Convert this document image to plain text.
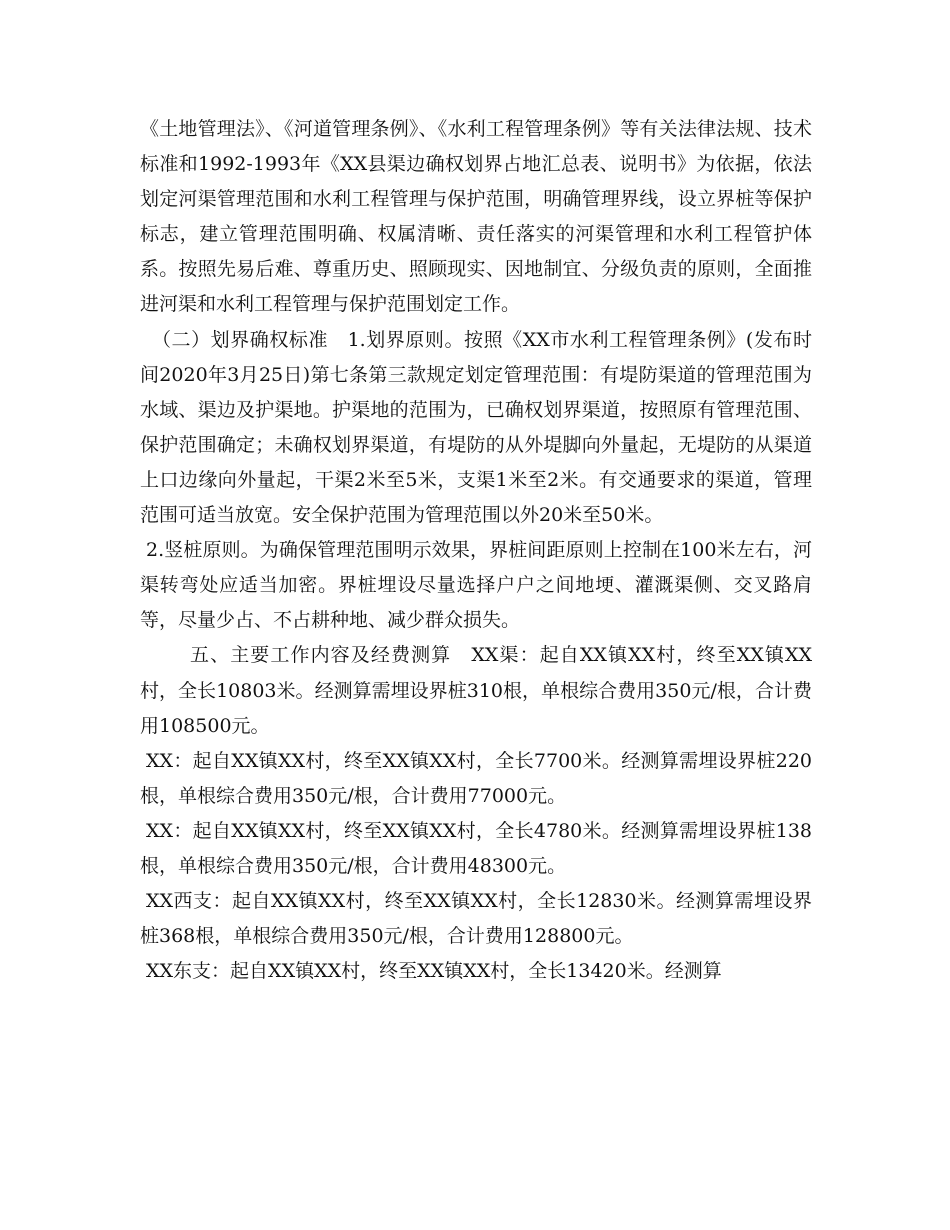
《土地管理法》、《河道管理条例》、《水利工程管理条例》等有关法律法规、技术标准和1992-1993年《XX县渠边确权划界占地汇总表、说明书》为依据，依法划定河渠管理范围和水利工程管理与保护范围，明确管理界线，设立界桩等保护标志，建立管理范围明确、权属清晰、责任落实的河渠管理和水利工程管护体系。按照先易后难、尊重历史、照顾现实、因地制宜、分级负责的原则，全面推进河渠和水利工程管理与保护范围划定工作。

（二）划界确权标准　1.划界原则。按照《XX市水利工程管理条例》(发布时间2020年3月25日)第七条第三款规定划定管理范围：有堤防渠道的管理范围为水域、渠边及护渠地。护渠地的范围为，已确权划界渠道，按照原有管理范围、保护范围确定；未确权划界渠道，有堤防的从外堤脚向外量起，无堤防的从渠道上口边缘向外量起，干渠2米至5米，支渠1米至2米。有交通要求的渠道，管理范围可适当放宽。安全保护范围为管理范围以外20米至50米。

2.竖桩原则。为确保管理范围明示效果，界桩间距原则上控制在100米左右，河渠转弯处应适当加密。界桩埋设尽量选择户户之间地埂、灌溉渠侧、交叉路肩等，尽量少占、不占耕种地、减少群众损失。

五、主要工作内容及经费测算　XX渠：起自XX镇XX村，终至XX镇XX村，全长10803米。经测算需埋设界桩310根，单根综合费用350元/根，合计费用108500元。

XX：起自XX镇XX村，终至XX镇XX村，全长7700米。经测算需埋设界桩220根，单根综合费用350元/根，合计费用77000元。

XX：起自XX镇XX村，终至XX镇XX村，全长4780米。经测算需埋设界桩138根，单根综合费用350元/根，合计费用48300元。

XX西支：起自XX镇XX村，终至XX镇XX村，全长12830米。经测算需埋设界桩368根，单根综合费用350元/根，合计费用128800元。

XX东支：起自XX镇XX村，终至XX镇XX村，全长13420米。经测算
